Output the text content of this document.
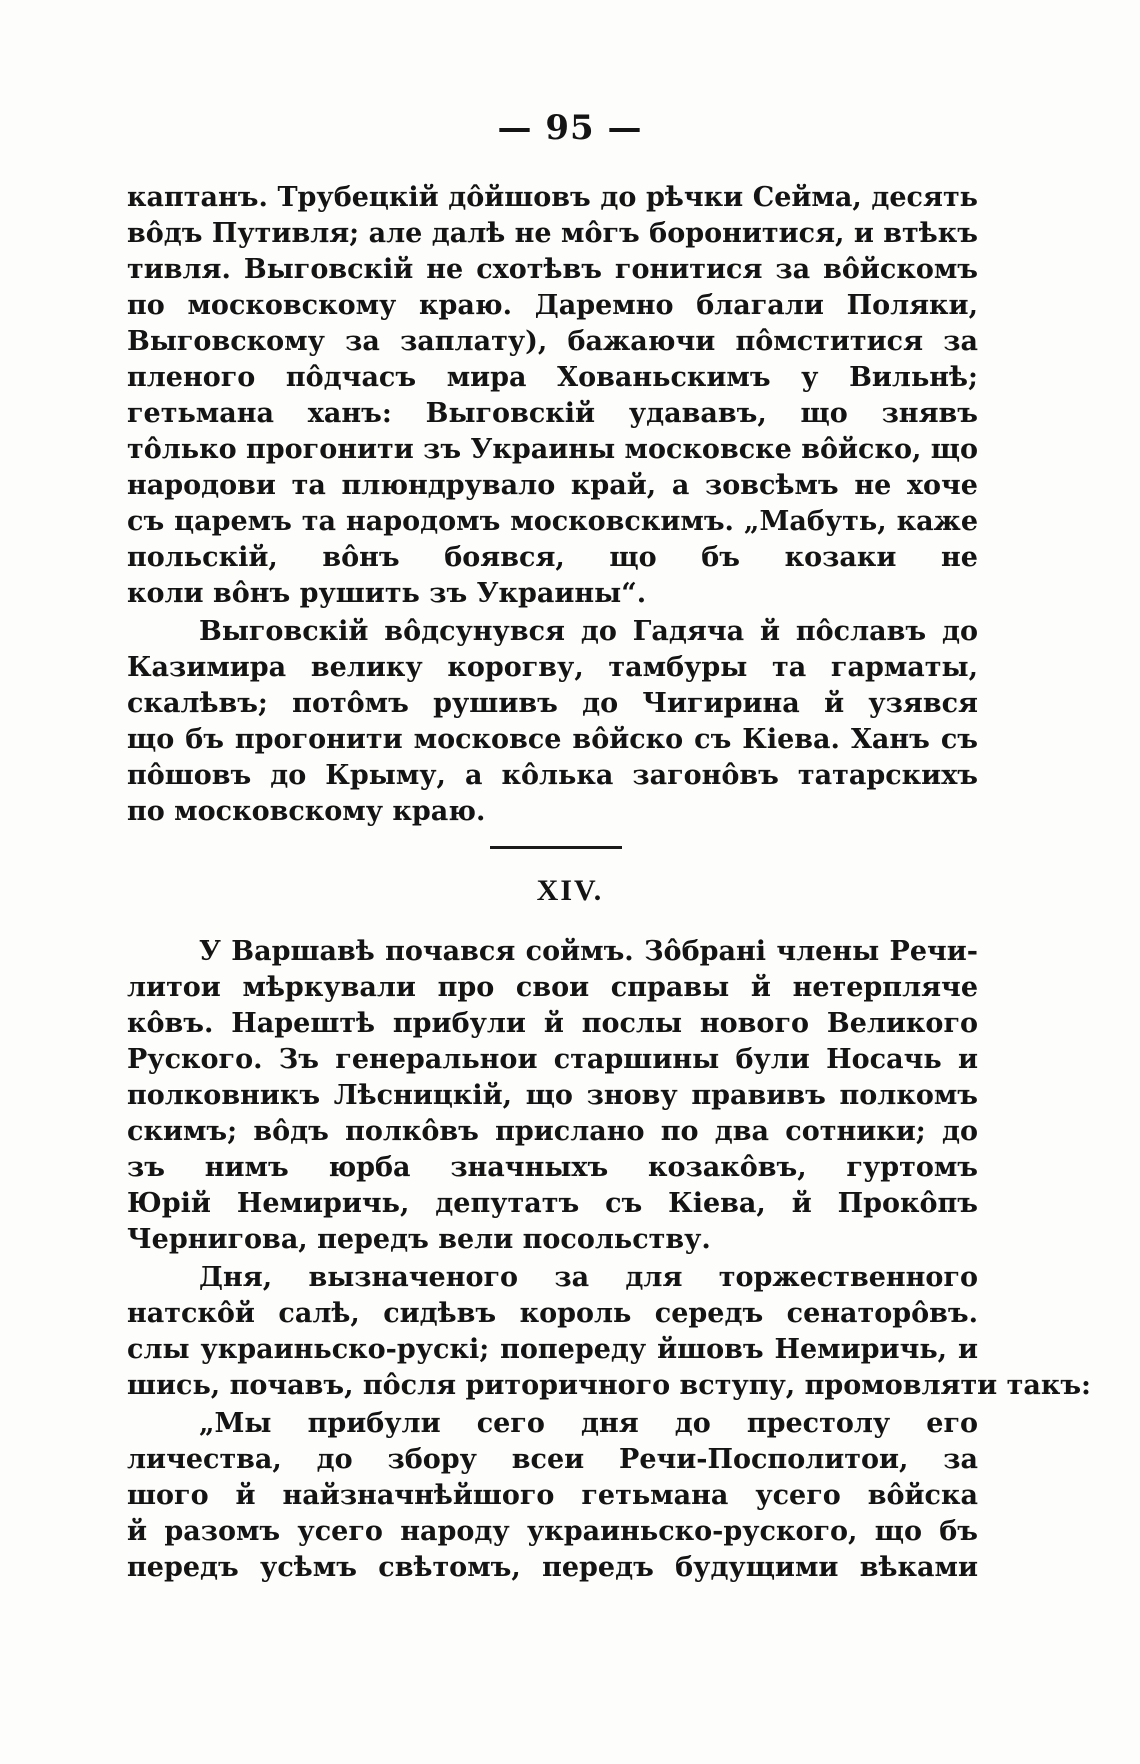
— 95 —
каптанъ. Трубецкій дôйшовъ до рѣчки Сейма, десять
вôдъ Путивля; але далѣ не мôгъ боронитися, и втѣкъ
тивля. Выговскій не схотѣвъ гонитися за вôйскомъ
по московскому краю. Даремно благали Поляки,
Выговскому за заплату), бажаючи пôмститися за
пленого пôдчасъ мира Хованьскимъ у Вильнѣ;
гетьмана ханъ: Выговскій удававъ, що знявъ
тôлько прогонити зъ Украины московске вôйско, що
народови та плюндрувало край, а зовсѣмъ не хоче
съ царемъ та народомъ московскимъ. „Мабуть, каже
польскій, вôнъ боявся, що бъ козаки не
коли вôнъ рушить зъ Украины“.
Выговскій вôдсунувся до Гадяча й пôславъ до
Казимира велику корогву, тамбуры та гарматы,
скалѣвъ; потôмъ рушивъ до Чигирина й узявся
що бъ прогонити московсе вôйско съ Кіева. Ханъ съ
пôшовъ до Крыму, а кôлька загонôвъ татарскихъ
по московскому краю.
XIV.
У Варшавѣ почався соймъ. Зôбрані члены Речи-
литои мѣркували про свои справы й нетерпляче
кôвъ. Нарештѣ прибули й послы нового Великого
Руского. Зъ генеральнои старшины були Носачь и
полковникъ Лѣсницкій, що знову правивъ полкомъ
скимъ; вôдъ полкôвъ прислано по два сотники; до
зъ нимъ юрба значныхъ козакôвъ, гуртомъ
Юрій Немиричь, депутатъ съ Кіева, й Прокôпъ
Чернигова, передъ вели посольству.
Дня, вызначеного за для торжественного
натскôй салѣ, сидѣвъ король середъ сенаторôвъ.
слы украиньско-рускі; попереду йшовъ Немиричь, и
шись, почавъ, пôсля риторичного вступу, промовляти такъ:
„Мы прибули сего дня до престолу его
личества, до збору всеи Речи-Посполитои, за
шого й найзначнѣйшого гетьмана усего вôйска
й разомъ усего народу украиньско-руского, що бъ
передъ усѣмъ свѣтомъ, передъ будущими вѣками
